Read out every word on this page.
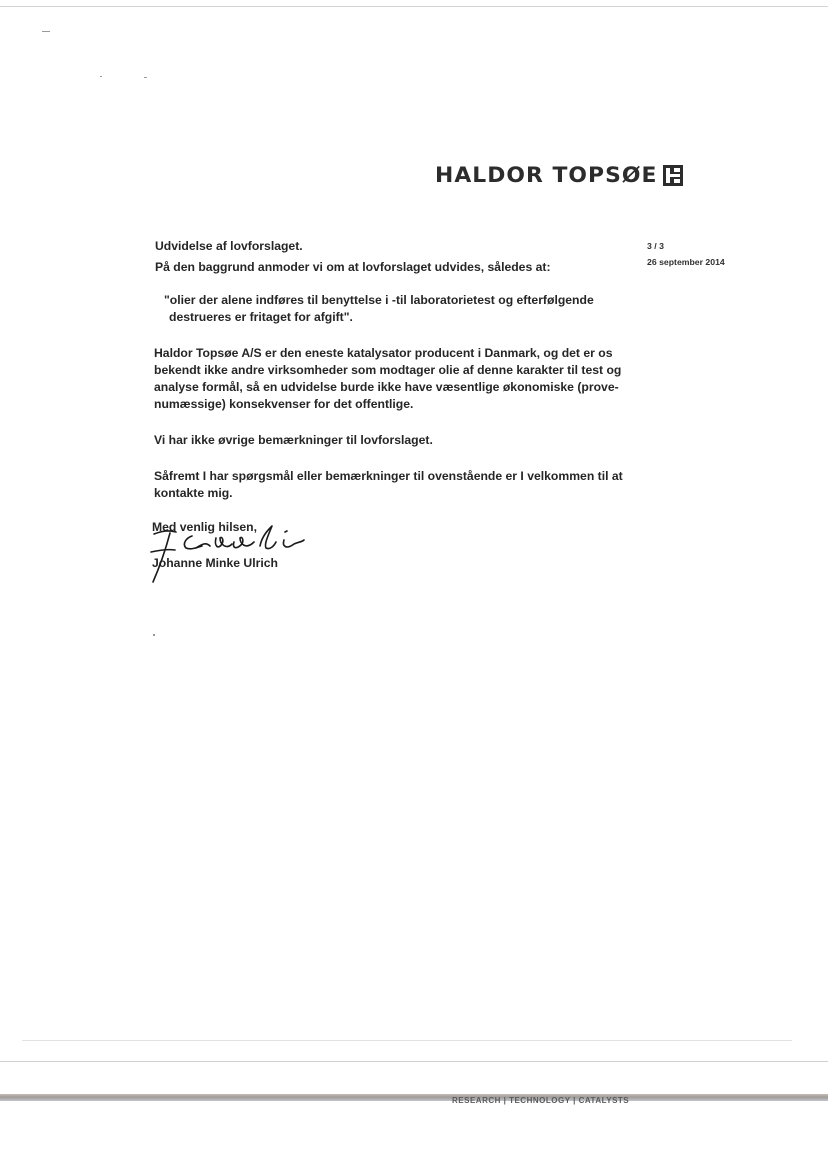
HALDOR TOPSØE
3 / 3
26 september 2014
Udvidelse af lovforslaget.
På den baggrund anmoder vi om at lovforslaget udvides, således at:
"olier der alene indføres til benyttelse i -til laboratorietest og efterfølgende
destrueres er fritaget for afgift".
Haldor Topsøe A/S er den eneste katalysator producent i Danmark, og det er os
bekendt ikke andre virksomheder som modtager olie af denne karakter til test og
analyse formål, så en udvidelse burde ikke have væsentlige økonomiske (prove-
numæssige) konsekvenser for det offentlige.
Vi har ikke øvrige bemærkninger til lovforslaget.
Såfremt I har spørgsmål eller bemærkninger til ovenstående er I velkommen til at
kontakte mig.
Med venlig hilsen,
Johanne Minke Ulrich
RESEARCH | TECHNOLOGY | CATALYSTS
